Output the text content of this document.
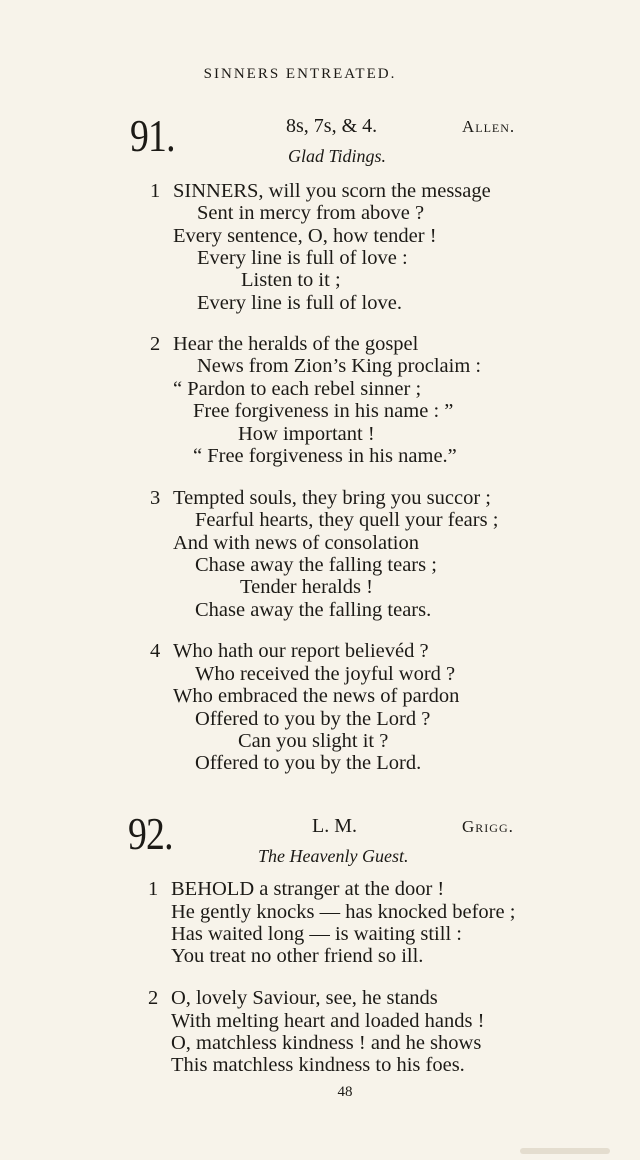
SINNERS ENTREATED.
91.	8s, 7s, & 4.	Allen.
Glad Tidings.
1 SINNERS, will you scorn the message
Sent in mercy from above ?
Every sentence, O, how tender !
Every line is full of love :
Listen to it ;
Every line is full of love.
2 Hear the heralds of the gospel
News from Zion’s King proclaim :
“ Pardon to each rebel sinner ;
Free forgiveness in his name : ”
How important !
“ Free forgiveness in his name.”
3 Tempted souls, they bring you succor ;
Fearful hearts, they quell your fears ;
And with news of consolation
Chase away the falling tears ;
Tender heralds !
Chase away the falling tears.
4 Who hath our report believéd ?
Who received the joyful word ?
Who embraced the news of pardon
Offered to you by the Lord ?
Can you slight it ?
Offered to you by the Lord.
92.	L. M.	Grigg.
The Heavenly Guest.
1 BEHOLD a stranger at the door !
He gently knocks — has knocked before ;
Has waited long — is waiting still :
You treat no other friend so ill.
2 O, lovely Saviour, see, he stands
With melting heart and loaded hands !
O, matchless kindness ! and he shows
This matchless kindness to his foes.
48
